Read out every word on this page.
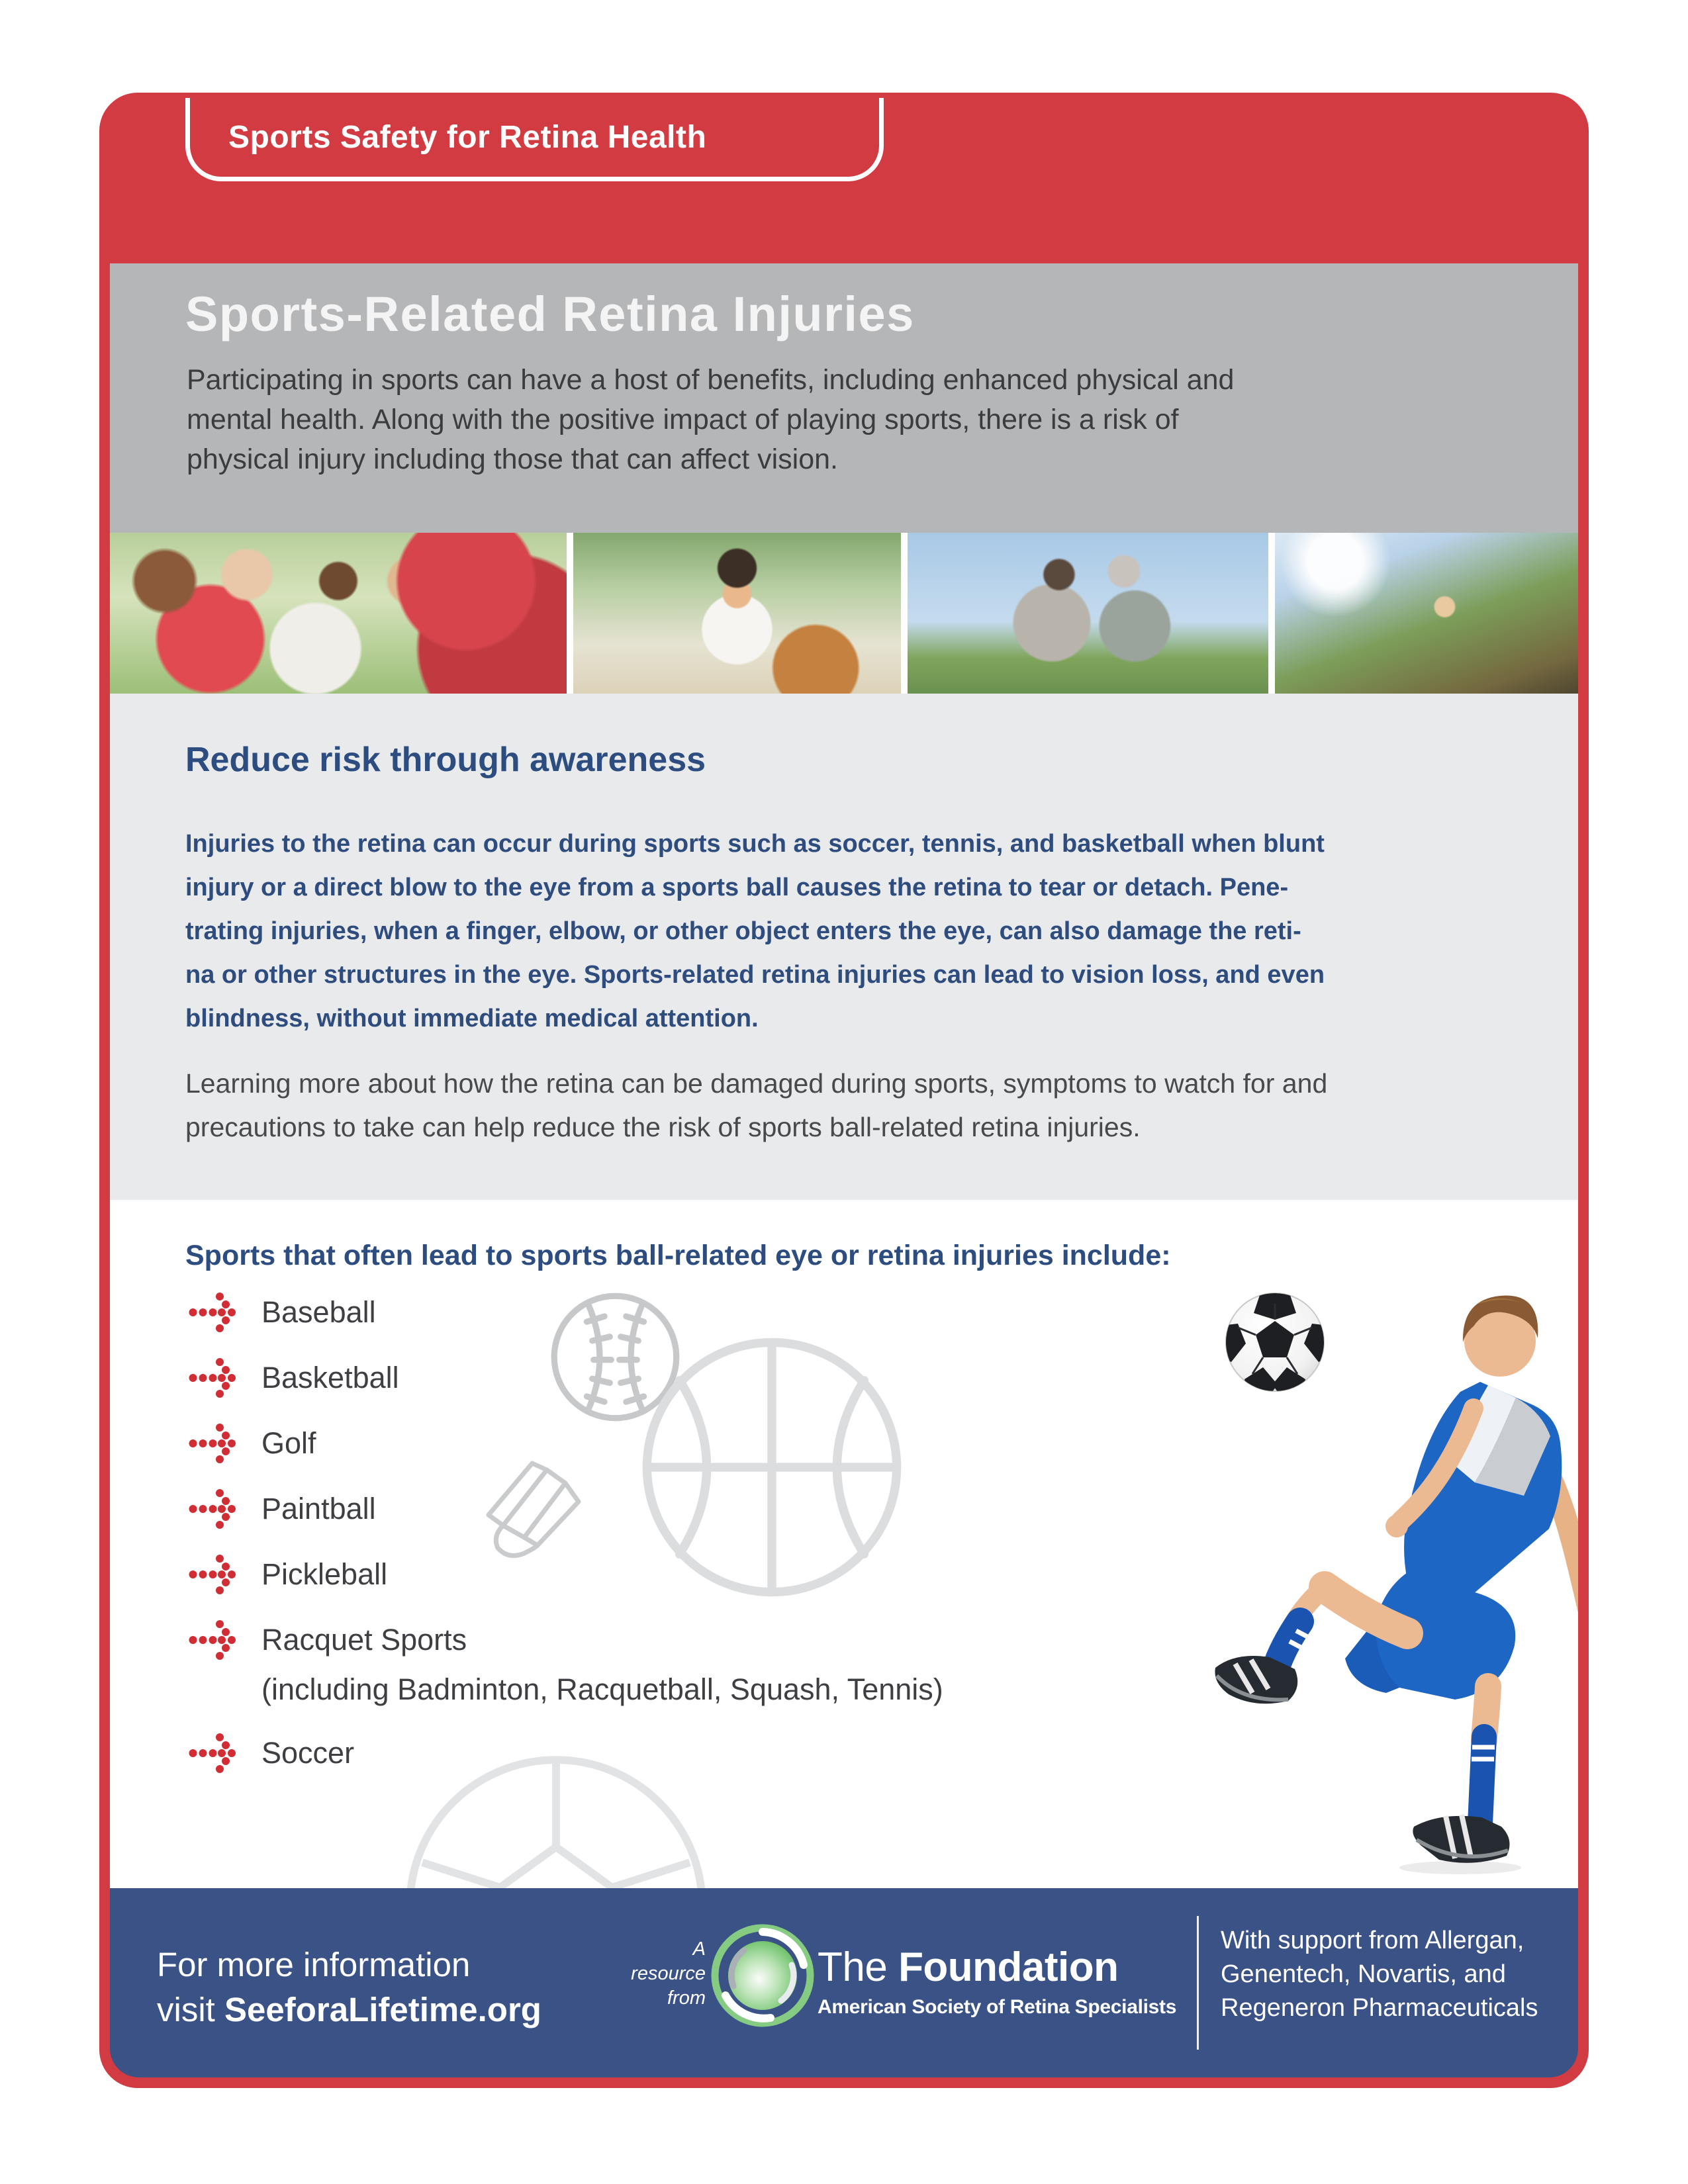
Sports Safety for Retina Health
Sports-Related Retina Injuries
Participating in sports can have a host of benefits, including enhanced physical and
mental health. Along with the positive impact of playing sports, there is a risk of
physical injury including those that can affect vision.
Reduce risk through awareness
Injuries to the retina can occur during sports such as soccer, tennis, and basketball when blunt
injury or a direct blow to the eye from a sports ball causes the retina to tear or detach. Pene-
trating injuries, when a finger, elbow, or other object enters the eye, can also damage the reti-
na or other structures in the eye. Sports-related retina injuries can lead to vision loss, and even
blindness, without immediate medical attention.
Learning more about how the retina can be damaged during sports, symptoms to watch for and
precautions to take can help reduce the risk of sports ball-related retina injuries.
Sports that often lead to sports ball-related eye or retina injuries include:
Baseball
Basketball
Golf
Paintball
Pickleball
Racquet Sports
(including Badminton, Racquetball, Squash, Tennis)
Soccer
For more information
visit SeeforaLifetime.org
A
resource
from
The Foundation
American Society of Retina Specialists
With support from Allergan,
Genentech, Novartis, and
Regeneron Pharmaceuticals
